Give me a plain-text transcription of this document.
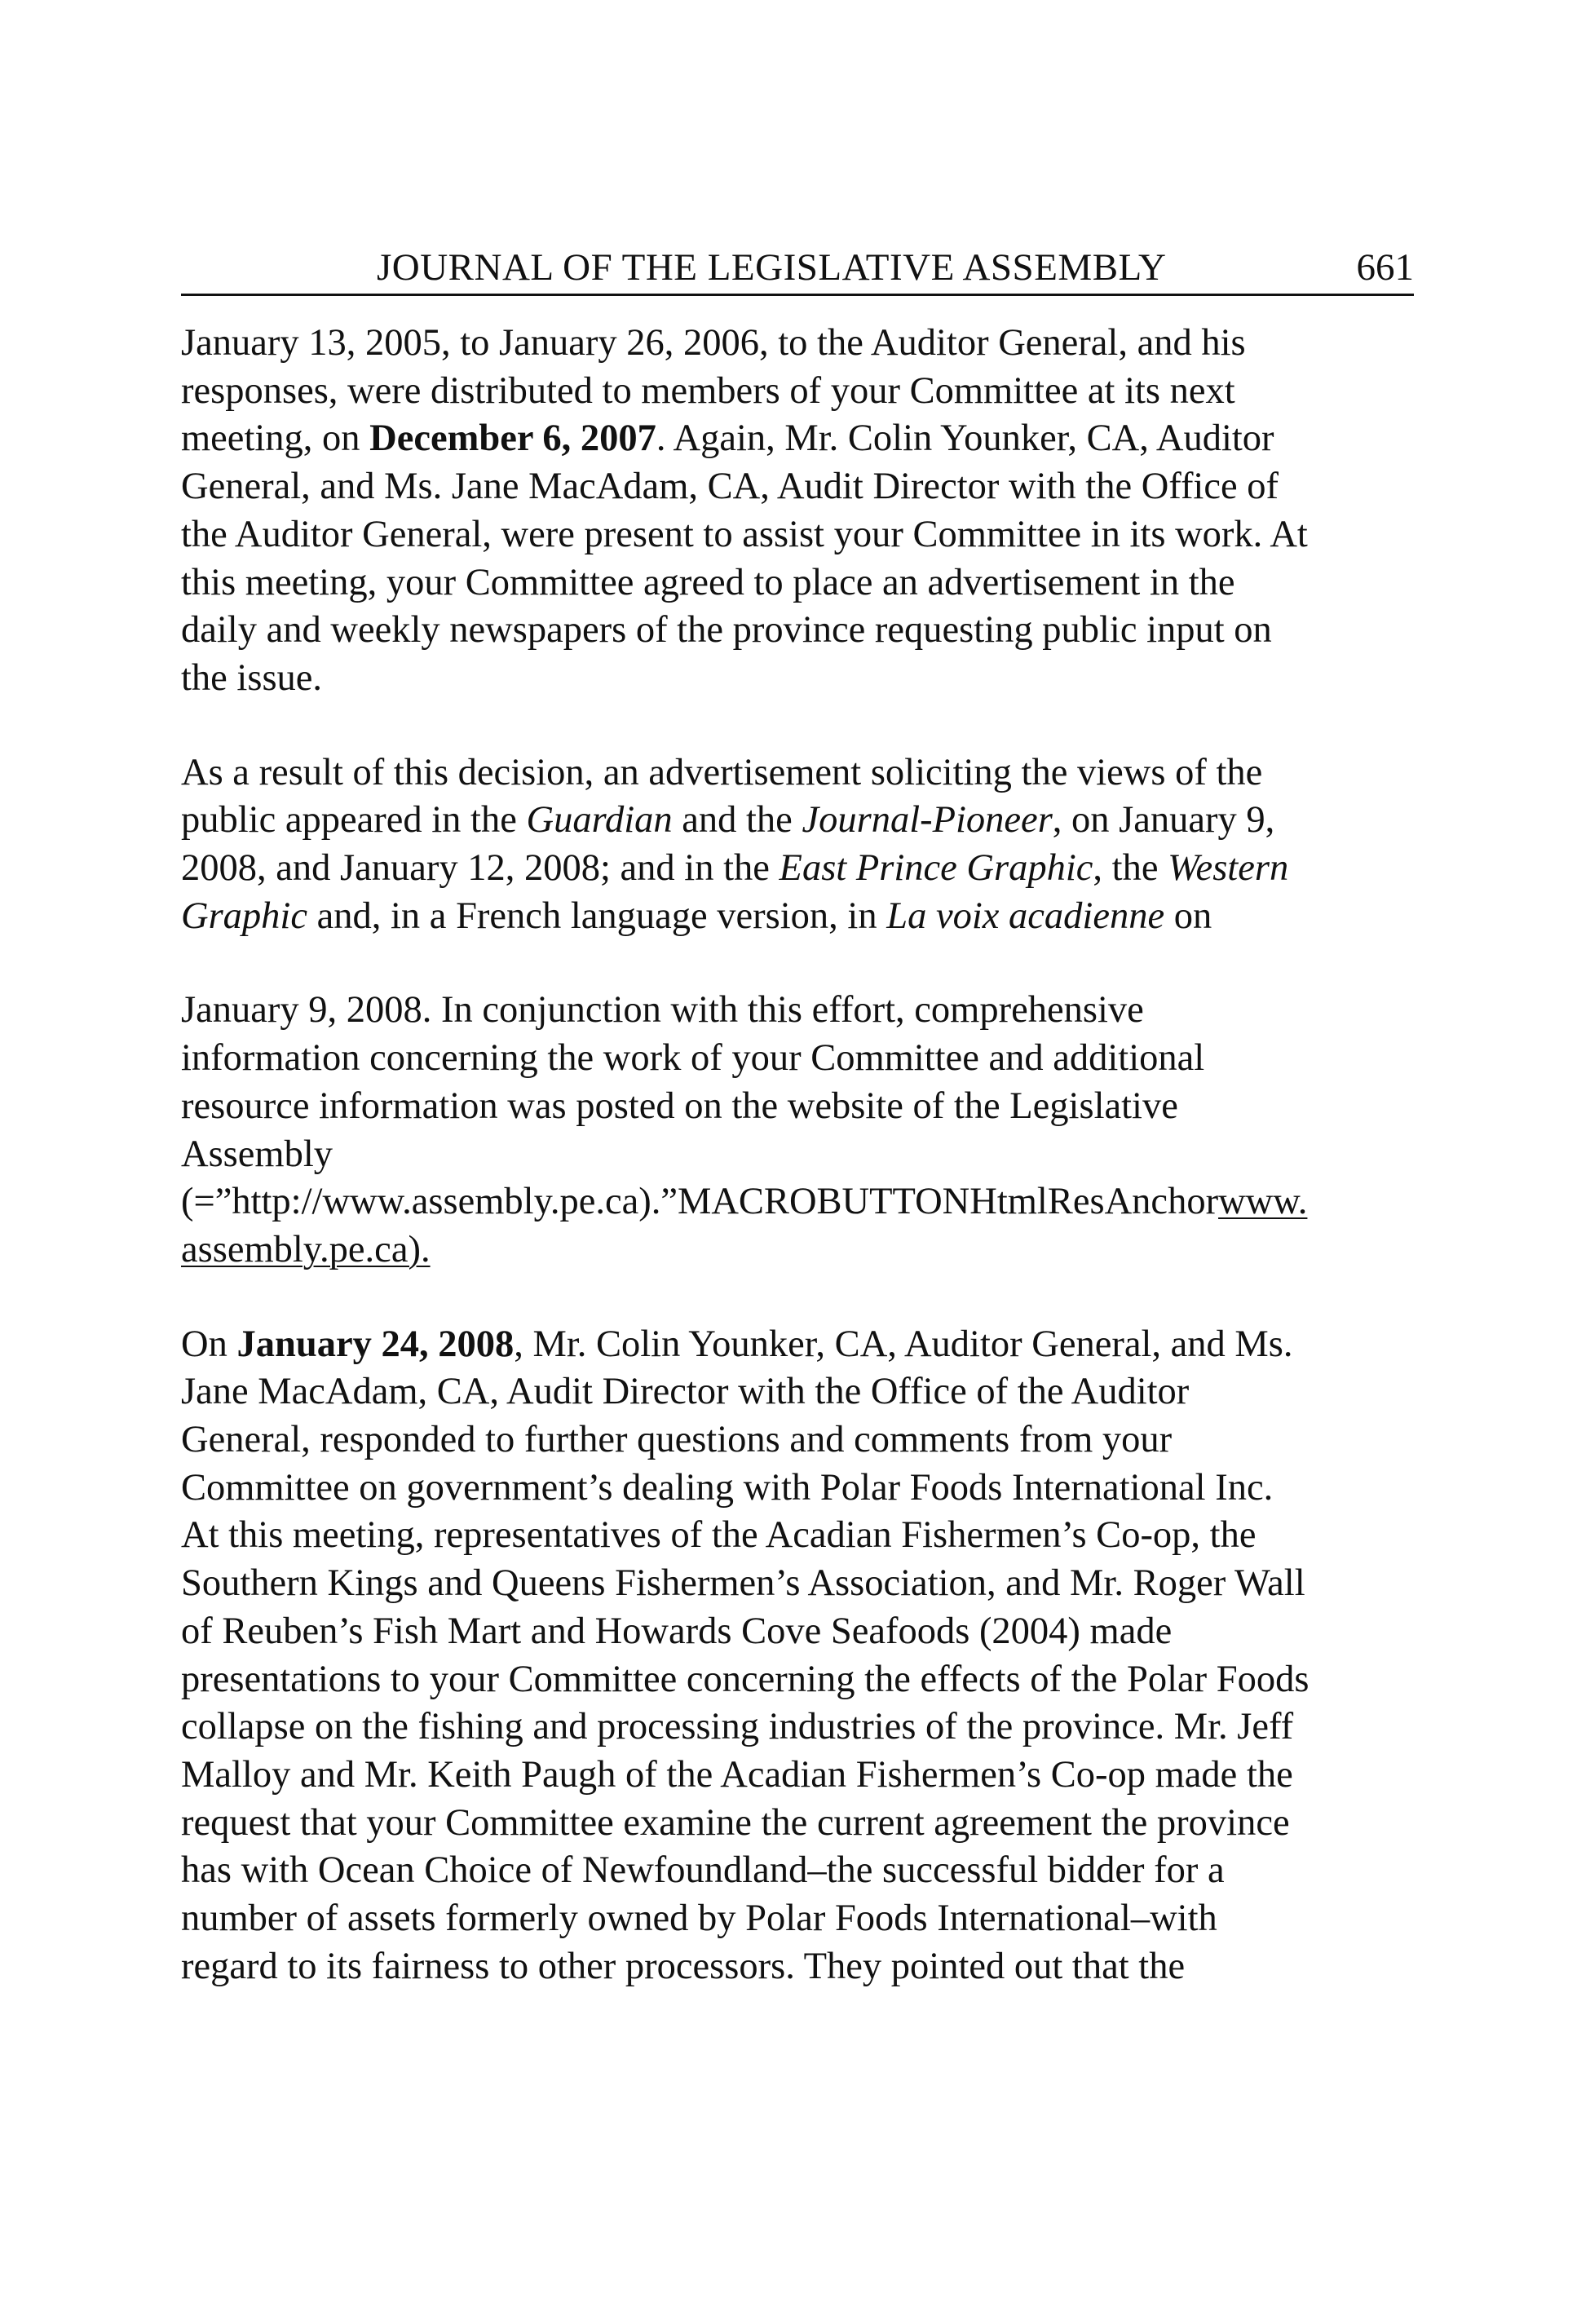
JOURNAL OF THE LEGISLATIVE ASSEMBLY	661

January 13, 2005, to January 26, 2006, to the Auditor General, and his
responses, were distributed to members of your Committee at its next
meeting, on December 6, 2007. Again, Mr. Colin Younker, CA, Auditor
General, and Ms. Jane MacAdam, CA, Audit Director with the Office of
the Auditor General, were present to assist your Committee in its work. At
this meeting, your Committee agreed to place an advertisement in the
daily and weekly newspapers of the province requesting public input on
the issue.

As a result of this decision, an advertisement soliciting the views of the
public appeared in the Guardian and the Journal-Pioneer, on January 9,
2008, and January 12, 2008; and in the East Prince Graphic, the Western
Graphic and, in a French language version, in La voix acadienne on

January 9, 2008. In conjunction with this effort, comprehensive
information concerning the work of your Committee and additional
resource information was posted on the website of the Legislative
Assembly
(=”http://www.assembly.pe.ca).”MACROBUTTONHtmlResAnchorwww.
assembly.pe.ca).

On January 24, 2008, Mr. Colin Younker, CA, Auditor General, and Ms.
Jane MacAdam, CA, Audit Director with the Office of the Auditor
General, responded to further questions and comments from your
Committee on government’s dealing with Polar Foods International Inc.
At this meeting, representatives of the Acadian Fishermen’s Co-op, the
Southern Kings and Queens Fishermen’s Association, and Mr. Roger Wall
of Reuben’s Fish Mart and Howards Cove Seafoods (2004) made
presentations to your Committee concerning the effects of the Polar Foods
collapse on the fishing and processing industries of the province. Mr. Jeff
Malloy and Mr. Keith Paugh of the Acadian Fishermen’s Co-op made the
request that your Committee examine the current agreement the province
has with Ocean Choice of Newfoundland–the successful bidder for a
number of assets formerly owned by Polar Foods International–with
regard to its fairness to other processors. They pointed out that the
